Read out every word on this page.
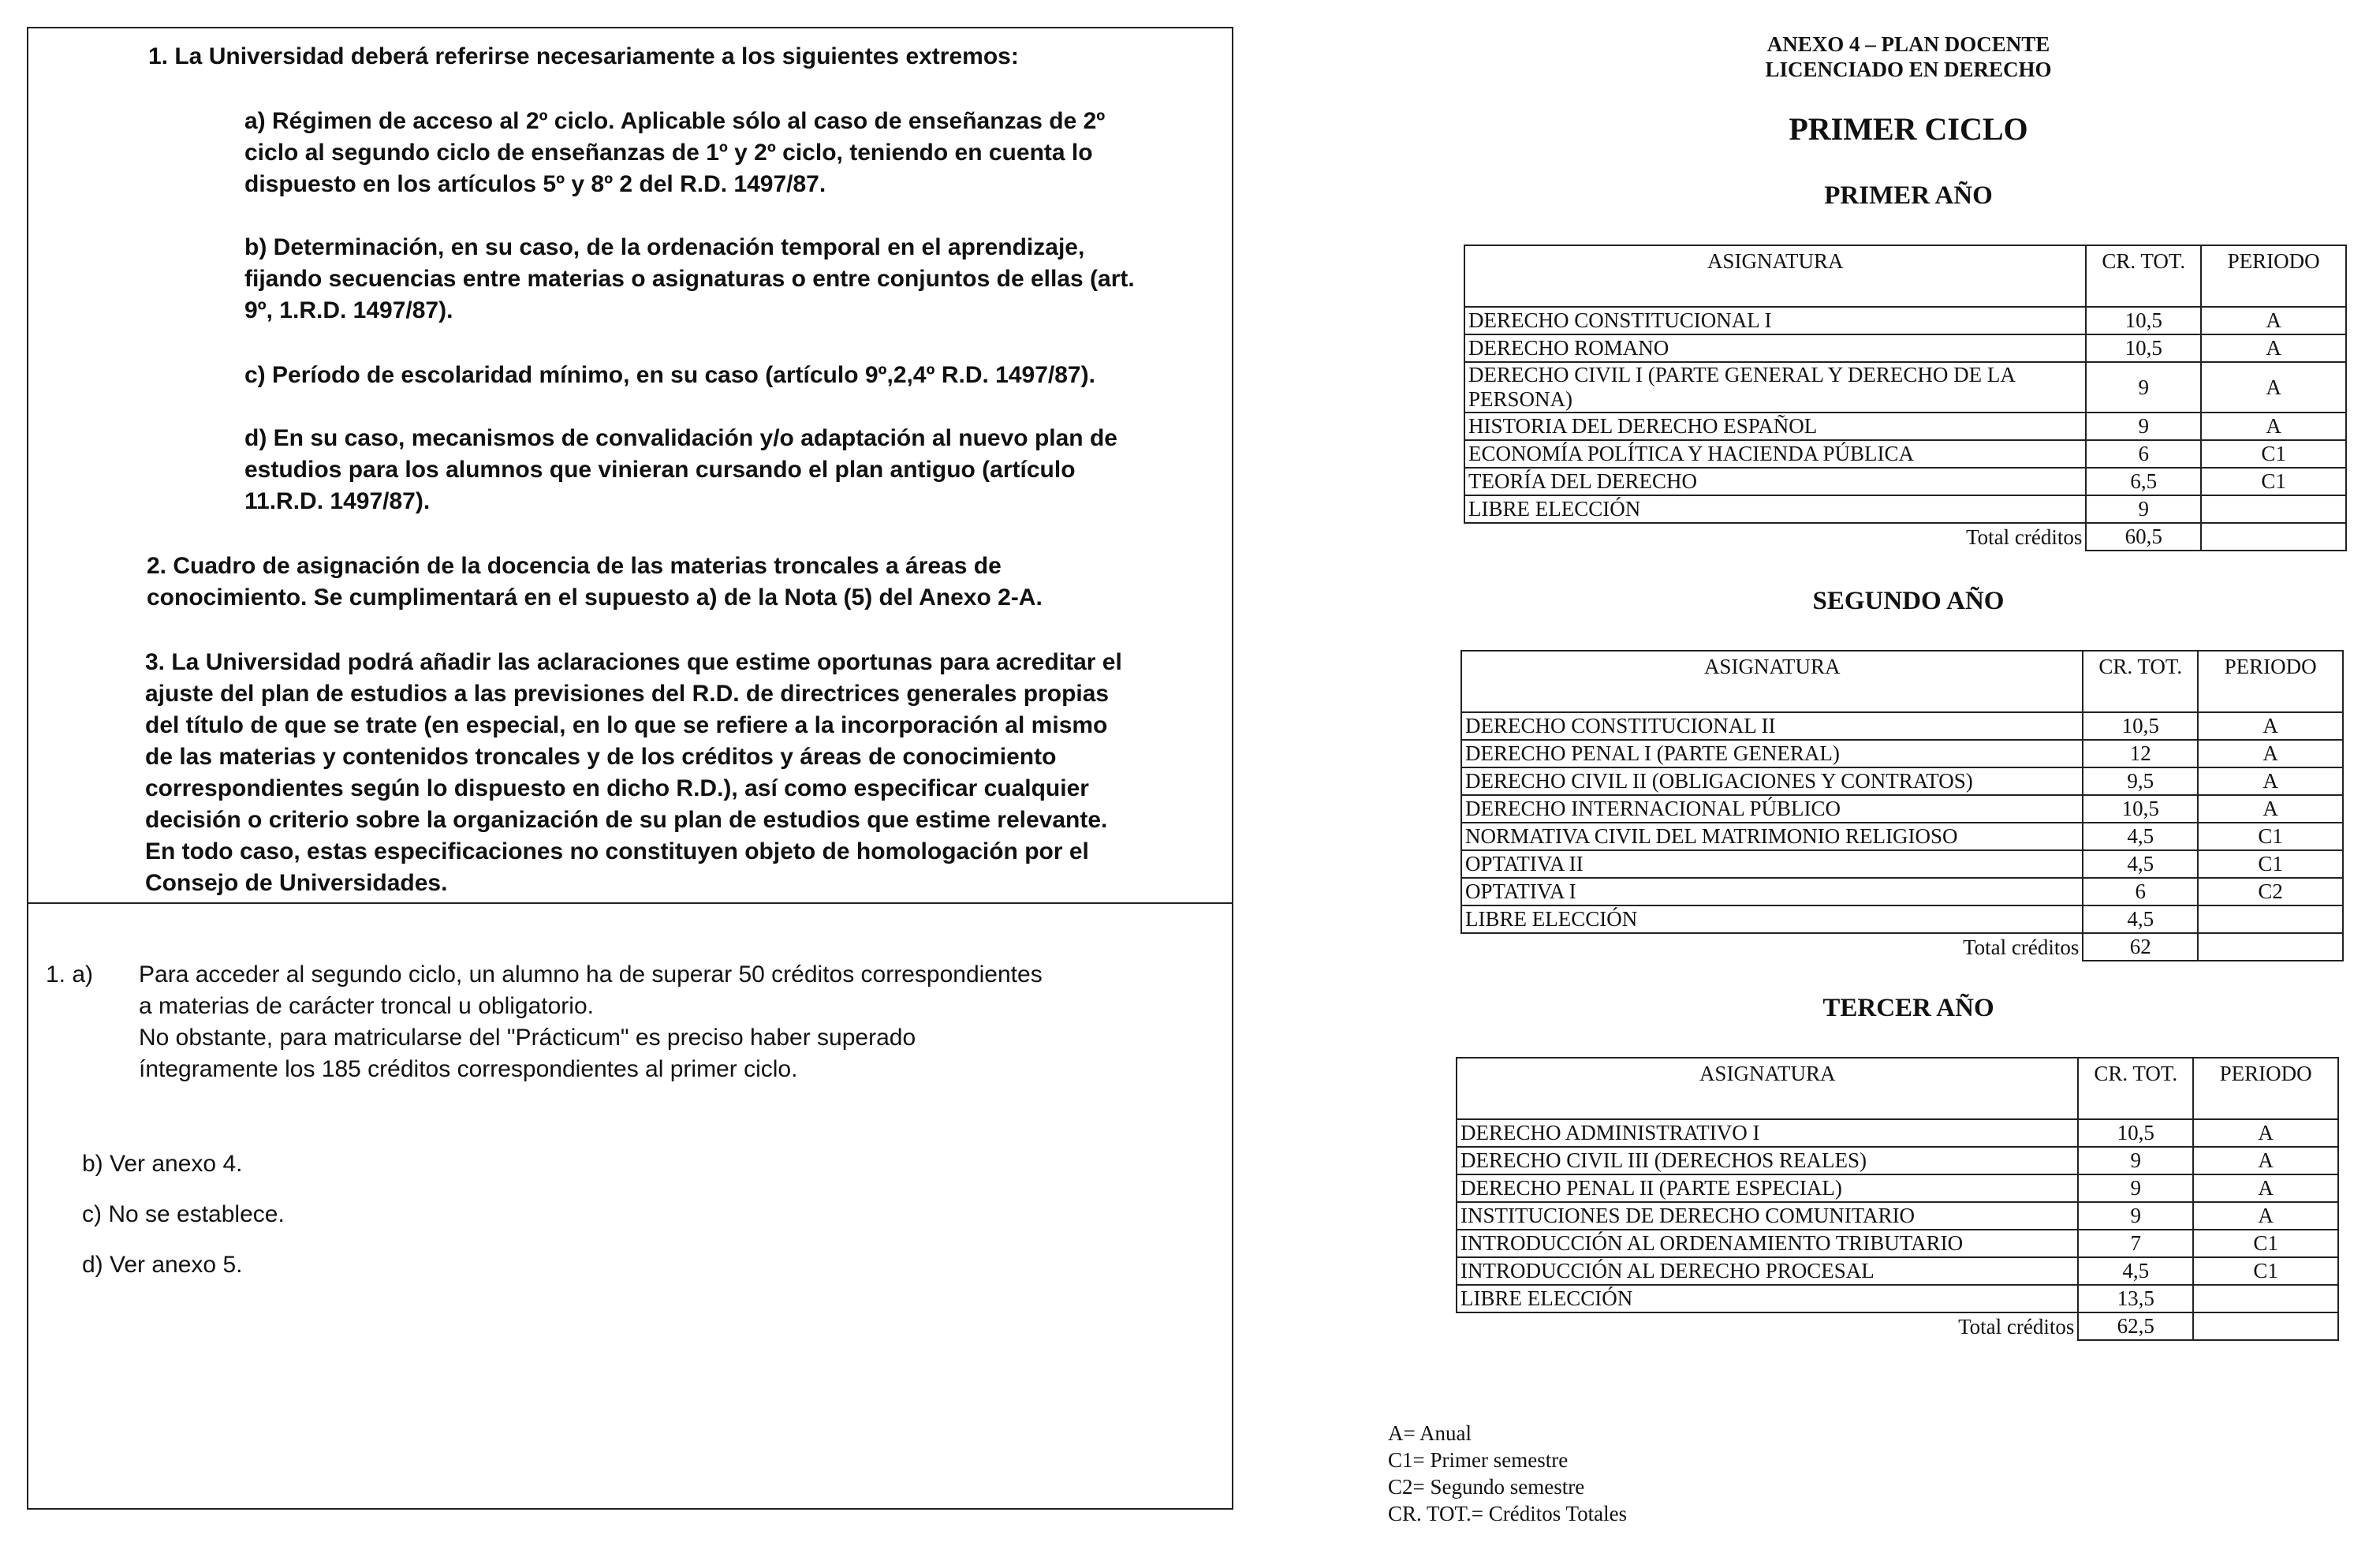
1. La Universidad deberá referirse necesariamente a los siguientes extremos:

a) Régimen de acceso al 2º ciclo. Aplicable sólo al caso de enseñanzas de 2º

ciclo al segundo ciclo de enseñanzas de 1º y 2º ciclo, teniendo en cuenta lo

dispuesto en los artículos 5º y 8º 2 del R.D. 1497/87.

b) Determinación, en su caso, de la ordenación temporal en el aprendizaje,

fijando secuencias entre materias o asignaturas o entre conjuntos de ellas (art.

9º, 1.R.D. 1497/87).

c) Período de escolaridad mínimo, en su caso (artículo 9º,2,4º R.D. 1497/87).

d) En su caso, mecanismos de convalidación y/o adaptación al nuevo plan de

estudios para los alumnos que vinieran cursando el plan antiguo (artículo

11.R.D. 1497/87).

2. Cuadro de asignación de la docencia de las materias troncales a áreas de

conocimiento. Se cumplimentará en el supuesto a) de la Nota (5) del Anexo 2-A.

3. La Universidad podrá añadir las aclaraciones que estime oportunas para acreditar el

ajuste del plan de estudios a las previsiones del R.D. de directrices generales propias

del título de que se trate (en especial, en lo que se refiere a la incorporación al mismo

de las materias y contenidos troncales y de los créditos y áreas de conocimiento

correspondientes según lo dispuesto en dicho R.D.), así como especificar cualquier

decisión o criterio sobre la organización de su plan de estudios que estime relevante.

En todo caso, estas especificaciones no constituyen objeto de homologación por el

Consejo de Universidades.

1. a) Para acceder al segundo ciclo, un alumno ha de superar 50 créditos correspondientes

a materias de carácter troncal u obligatorio.

No obstante, para matricularse del "Prácticum" es preciso haber superado

íntegramente los 185 créditos correspondientes al primer ciclo.

b) Ver anexo 4.

c) No se establece.

d) Ver anexo 5.

ANEXO 4 – PLAN DOCENTE

LICENCIADO EN DERECHO

PRIMER CICLO

PRIMER AÑO

ASIGNATURA	CR. TOT.	PERIODO
DERECHO CONSTITUCIONAL I	10,5	A
DERECHO ROMANO	10,5	A
DERECHO CIVIL I (PARTE GENERAL Y DERECHO DE LA PERSONA)	9	A
HISTORIA DEL DERECHO ESPAÑOL	9	A
ECONOMÍA POLÍTICA Y HACIENDA PÚBLICA	6	C1
TEORÍA DEL DERECHO	6,5	C1
LIBRE ELECCIÓN	9	
Total créditos	60,5	

SEGUNDO AÑO

ASIGNATURA	CR. TOT.	PERIODO
DERECHO CONSTITUCIONAL II	10,5	A
DERECHO PENAL I (PARTE GENERAL)	12	A
DERECHO CIVIL II (OBLIGACIONES Y CONTRATOS)	9,5	A
DERECHO INTERNACIONAL PÚBLICO	10,5	A
NORMATIVA CIVIL DEL MATRIMONIO RELIGIOSO	4,5	C1
OPTATIVA II	4,5	C1
OPTATIVA I	6	C2
LIBRE ELECCIÓN	4,5	
Total créditos	62	

TERCER AÑO

ASIGNATURA	CR. TOT.	PERIODO
DERECHO ADMINISTRATIVO I	10,5	A
DERECHO CIVIL III (DERECHOS REALES)	9	A
DERECHO PENAL II (PARTE ESPECIAL)	9	A
INSTITUCIONES DE DERECHO COMUNITARIO	9	A
INTRODUCCIÓN AL ORDENAMIENTO TRIBUTARIO	7	C1
INTRODUCCIÓN AL DERECHO PROCESAL	4,5	C1
LIBRE ELECCIÓN	13,5	
Total créditos	62,5	

A= Anual

C1= Primer semestre

C2= Segundo semestre

CR. TOT.= Créditos Totales
